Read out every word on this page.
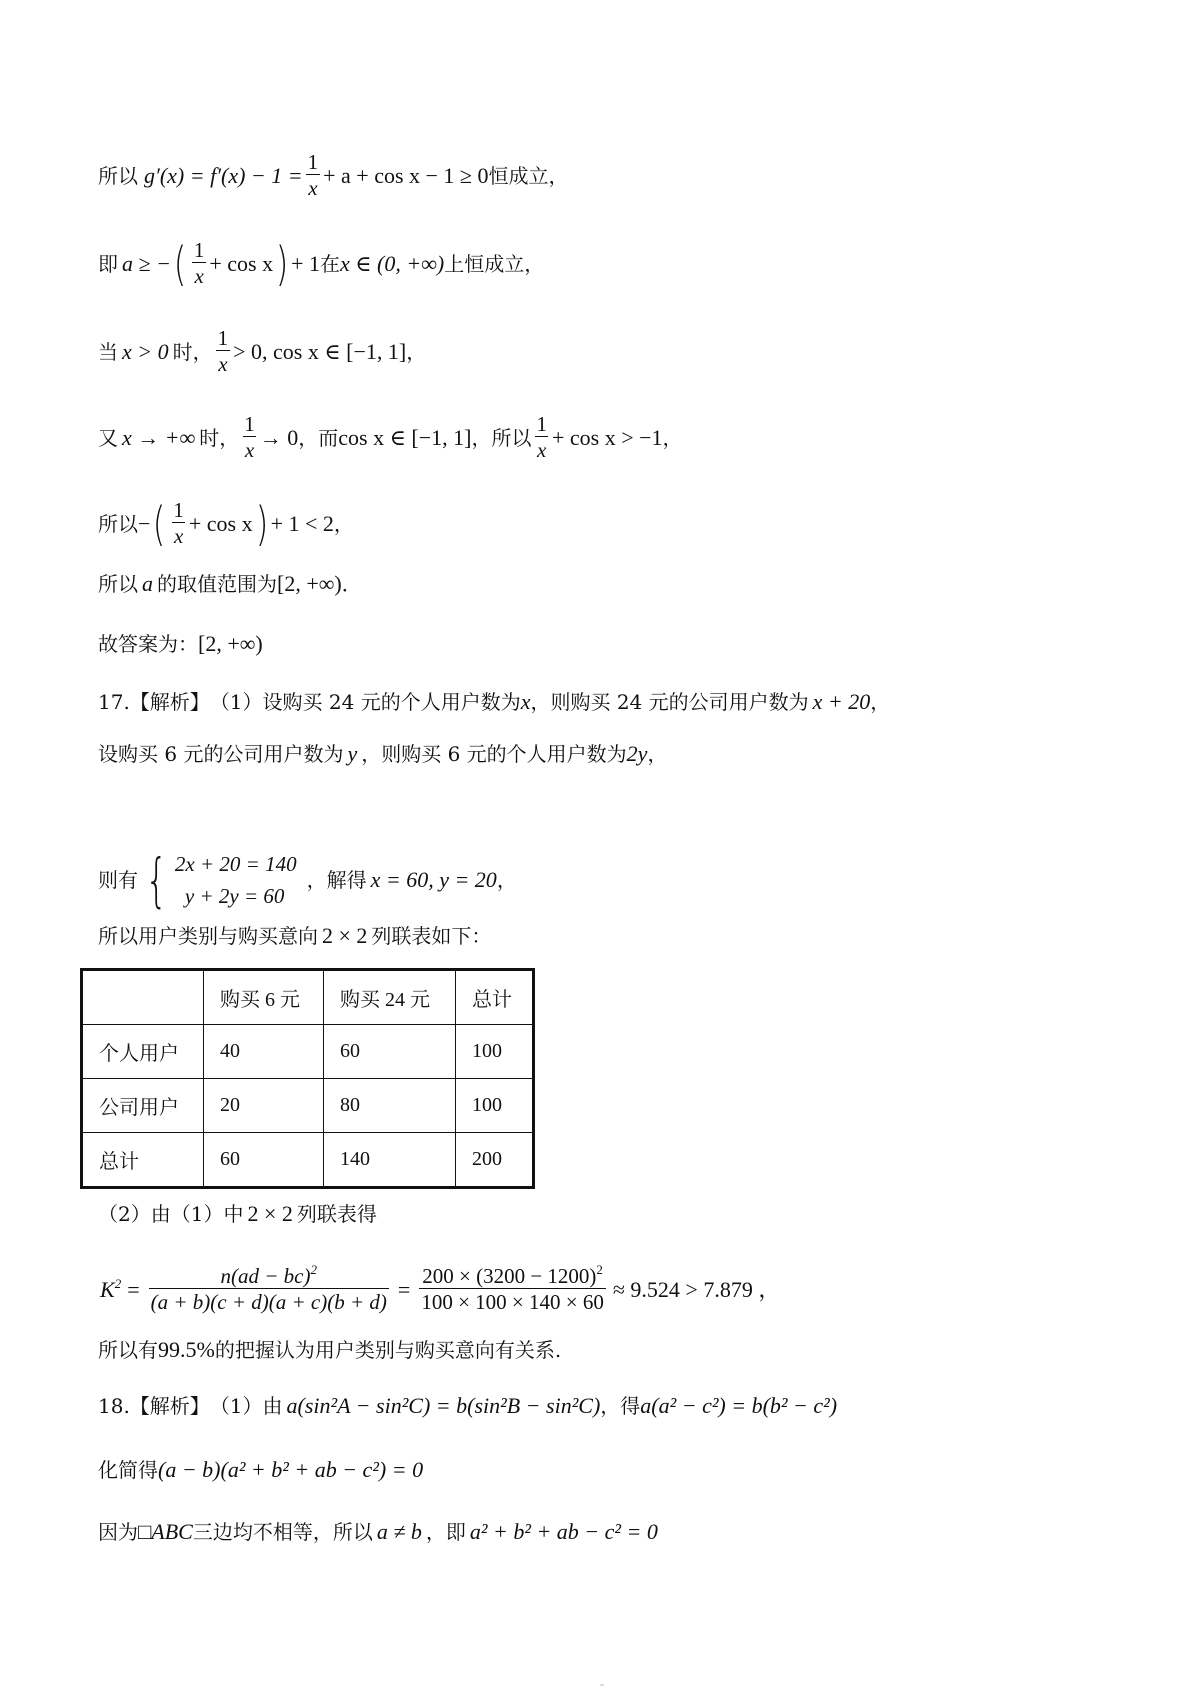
所以 $g'(x) = f'(x) - 1 = \frac{1}{x} + a + \cos x - 1 \ge 0$ 恒成立，
即 a ≥ − ( $\frac{1}{x} + \cos x$ ) + 1 在 x ∈ (0, +∞) 上恒成立，
当 x > 0 时， $\frac{1}{x} > 0$, cos x ∈ [−1, 1] ，
又 x → +∞ 时， $\frac{1}{x} \to 0$ ，而 cos x ∈ [−1, 1] ，所以 $\frac{1}{x} + \cos x > -1$ ，
所以 − ( $\frac{1}{x} + \cos x$ ) + 1 < 2 ，
所以 a 的取值范围为 [2, +∞) ．
故答案为： [2, +∞)
17.【解析】 （1）设购买 24 元的个人用户数为 x ，则购买 24 元的公司用户数为 x + 20 ，
设购买 6 元的公司用户数为 y ，则购买 6 元的个人用户数为 2y ，
则有 { 2x + 20 = 140
y + 2y = 60
，解得 x = 60, y = 20 ，
所以用户类别与购买意向 2 × 2 列联表如下：
	购买 6 元	购买 24 元	总计
个人用户	40	60	100
公司用户	20	80	100
总计	60	140	200
（2）由（1）中 2 × 2 列联表得
$K^2 = \frac{n(ad - bc)^2}{(a + b)(c + d)(a + c)(b + d)} = \frac{200 \times (3200 - 1200)^2}{100 \times 100 \times 140 \times 60} \approx 9.524 > 7.879$ ，
所以有 99.5% 的把握认为用户类别与购买意向有关系.
18.【解析】 （1）由 a(sin²A − sin²C) = b(sin²B − sin²C) ，得 a(a² − c²) = b(b² − c²)
化简得 (a − b)(a² + b² + ab − c²) = 0
因为 □ABC 三边均不相等，所以 a ≠ b ，即 a² + b² + ab − c² = 0
